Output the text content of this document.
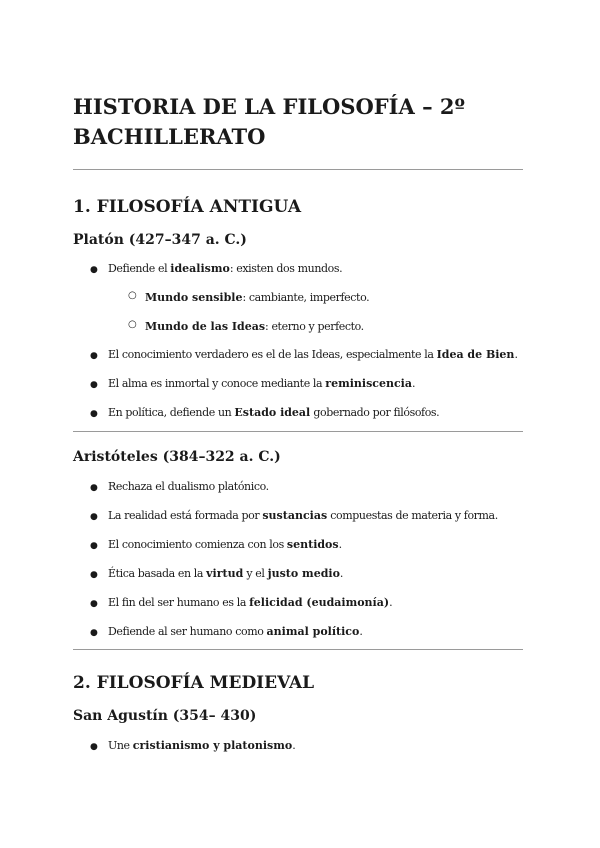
HISTORIA DE LA FILOSOFÍA – 2º BACHILLERATO
1. FILOSOFÍA ANTIGUA
Platón (427–347 a. C.)
● Defiende el idealismo: existen dos mundos.
○ Mundo sensible: cambiante, imperfecto.
○ Mundo de las Ideas: eterno y perfecto.
● El conocimiento verdadero es el de las Ideas, especialmente la Idea de Bien.
● El alma es inmortal y conoce mediante la reminiscencia.
● En política, defiende un Estado ideal gobernado por filósofos.
Aristóteles (384–322 a. C.)
● Rechaza el dualismo platónico.
● La realidad está formada por sustancias compuestas de materia y forma.
● El conocimiento comienza con los sentidos.
● Ética basada en la virtud y el justo medio.
● El fin del ser humano es la felicidad (eudaimonía).
● Defiende al ser humano como animal político.
2. FILOSOFÍA MEDIEVAL
San Agustín (354– 430)
● Une cristianismo y platonismo.
